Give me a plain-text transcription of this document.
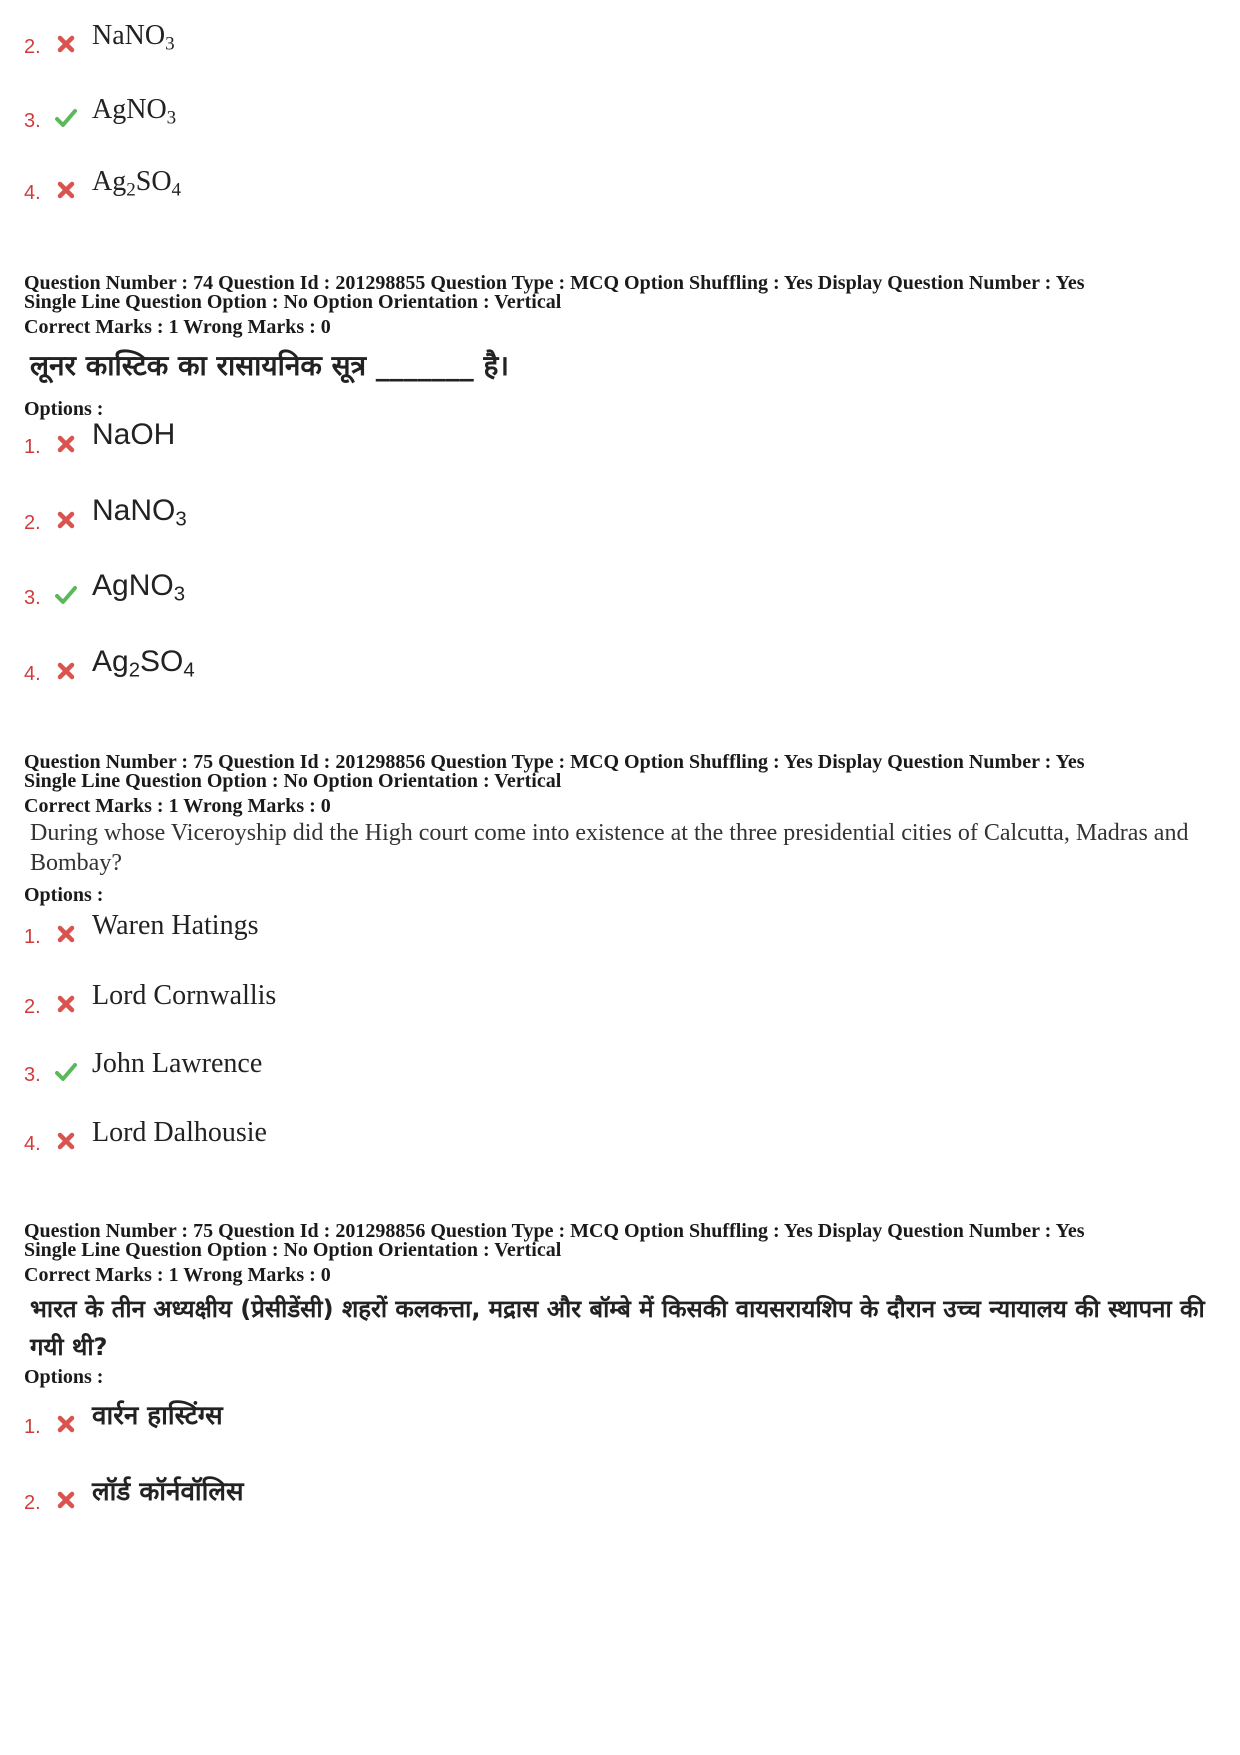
2. NaNO$_3$
3. AgNO$_3$
4. $Ag_2SO_4$
Question Number : 74 Question Id : 201298855 Question Type : MCQ Option Shuffling : Yes Display Question Number : Yes
Single Line Question Option : No Option Orientation : Vertical
Correct Marks : 1 Wrong Marks : 0
लूनर कास्टिक का रासायनिक सूत्र _______ है।
Options :
1. NaOH
2. NaNO$_3$
3. AgNO$_3$
4. $Ag_2SO_4$
Question Number : 75 Question Id : 201298856 Question Type : MCQ Option Shuffling : Yes Display Question Number : Yes
Single Line Question Option : No Option Orientation : Vertical
Correct Marks : 1 Wrong Marks : 0
During whose Viceroyship did the High court come into existence at the three presidential cities of Calcutta, Madras and Bombay?
Options :
1. Waren Hatings
2. Lord Cornwallis
3. John Lawrence
4. Lord Dalhousie
Question Number : 75 Question Id : 201298856 Question Type : MCQ Option Shuffling : Yes Display Question Number : Yes
Single Line Question Option : No Option Orientation : Vertical
Correct Marks : 1 Wrong Marks : 0
भारत के तीन अध्यक्षीय (प्रेसीडेंसी) शहरों कलकत्ता, मद्रास और बॉम्बे में किसकी वायसरायशिप के दौरान उच्च न्यायालय की स्थापना की गयी थी?
Options :
1. वार्रन हास्टिंग्स
2. लॉर्ड कॉर्नवॉलिस
